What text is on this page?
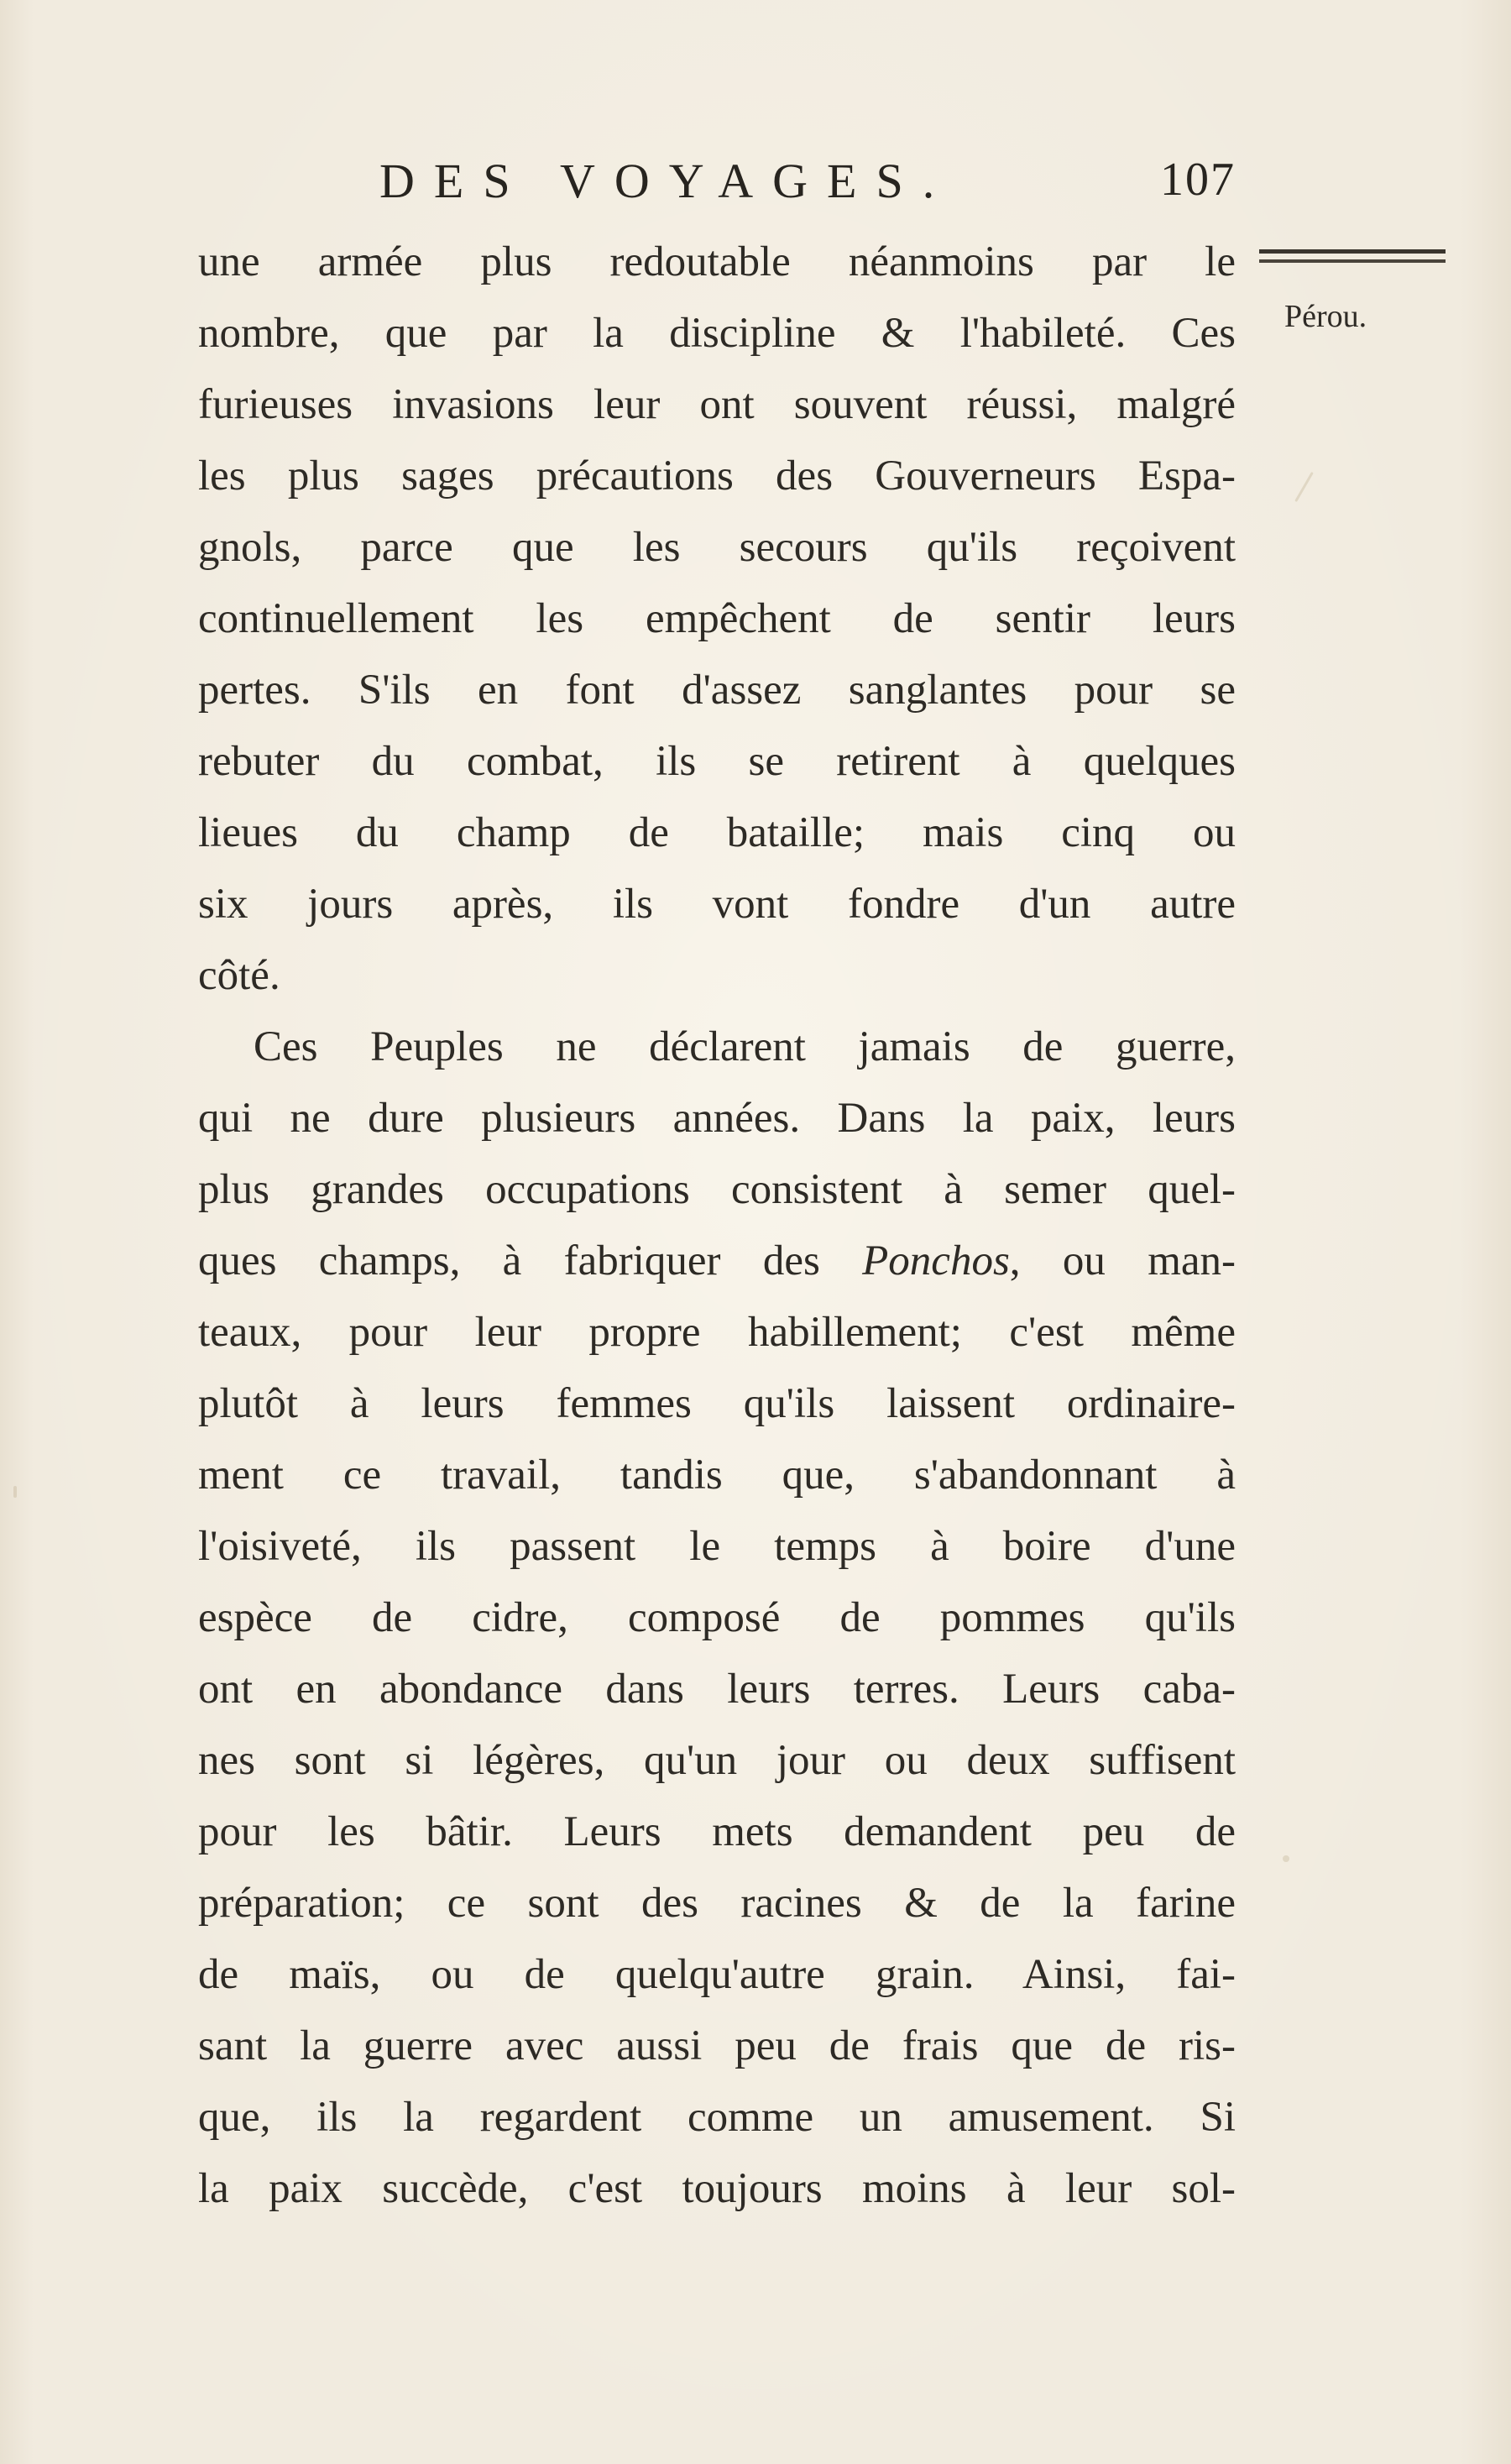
DES VOYAGES.	107
Pérou.
une armée plus redoutable néanmoins par le
nombre, que par la discipline & l'habileté. Ces
furieuses invasions leur ont souvent réussi, malgré
les plus sages précautions des Gouverneurs Espa-
gnols, parce que les secours qu'ils reçoivent
continuellement les empêchent de sentir leurs
pertes. S'ils en font d'assez sanglantes pour se
rebuter du combat, ils se retirent à quelques
lieues du champ de bataille; mais cinq ou
six jours après, ils vont fondre d'un autre
côté.
Ces Peuples ne déclarent jamais de guerre,
qui ne dure plusieurs années. Dans la paix, leurs
plus grandes occupations consistent à semer quel-
ques champs, à fabriquer des Ponchos, ou man-
teaux, pour leur propre habillement; c'est même
plutôt à leurs femmes qu'ils laissent ordinaire-
ment ce travail, tandis que, s'abandonnant à
l'oisiveté, ils passent le temps à boire d'une
espèce de cidre, composé de pommes qu'ils
ont en abondance dans leurs terres. Leurs caba-
nes sont si légères, qu'un jour ou deux suffisent
pour les bâtir. Leurs mets demandent peu de
préparation; ce sont des racines & de la farine
de maïs, ou de quelqu'autre grain. Ainsi, fai-
sant la guerre avec aussi peu de frais que de ris-
que, ils la regardent comme un amusement. Si
la paix succède, c'est toujours moins à leur sol-
